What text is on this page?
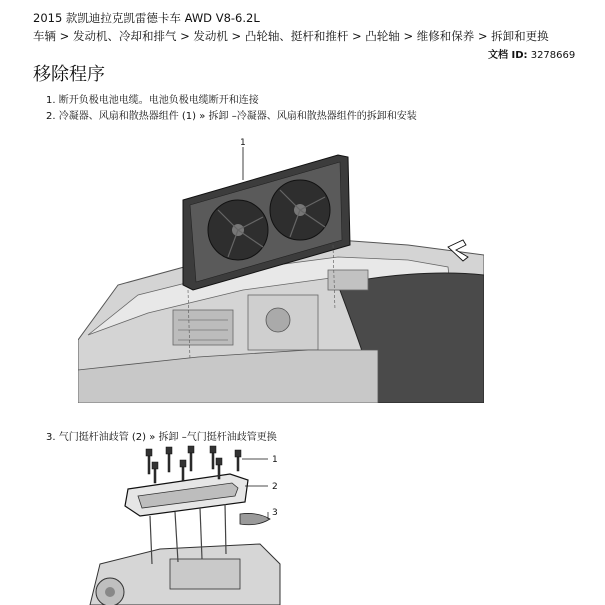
2015 款凯迪拉克凯雷德卡车 AWD V8-6.2L
车辆 > 发动机、冷却和排气 > 发动机 > 凸轮轴、挺杆和推杆 > 凸轮轴 > 维修和保养 > 拆卸和更换
文档 ID: 3278669
移除程序
1. 断开负极电池电缆。电池负极电缆断开和连接
2. 冷凝器、风扇和散热器组件 (1) » 拆卸 –冷凝器、风扇和散热器组件的拆卸和安装
1
3. 气门挺杆油歧管 (2) » 拆卸 –气门挺杆油歧管更换
1
2
3
